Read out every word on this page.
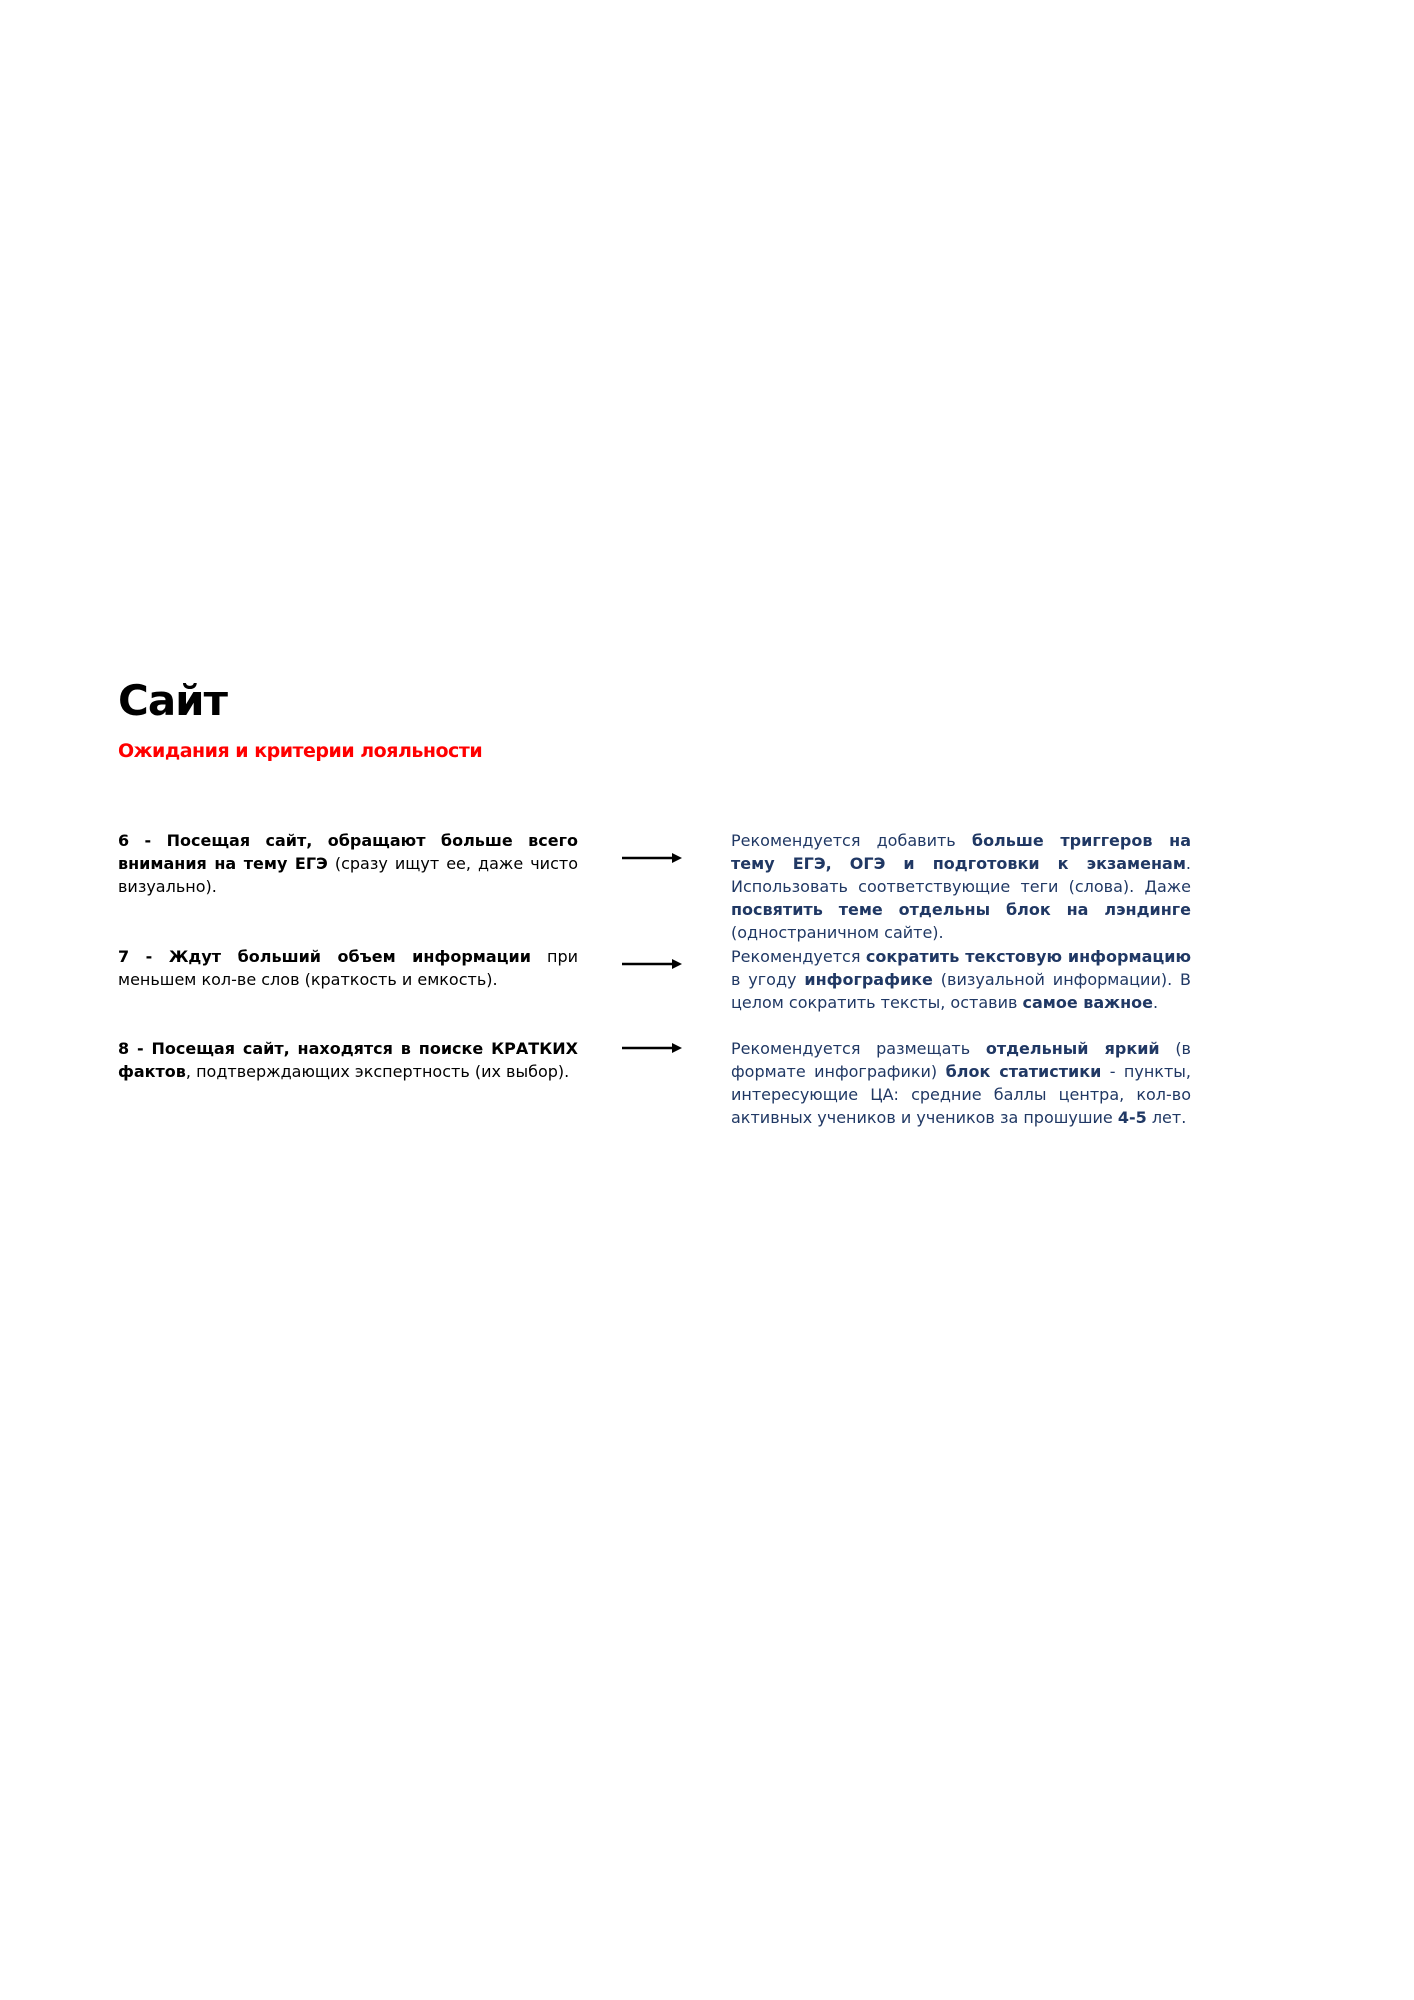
Сайт
Ожидания и критерии лояльности

6 - Посещая сайт, обращают больше всего внимания на тему ЕГЭ (сразу ищут ее, даже чисто визуально).

Рекомендуется добавить больше триггеров на тему ЕГЭ, ОГЭ и подготовки к экзаменам. Использовать соответствующие теги (слова). Даже посвятить теме отдельны блок на лэндинге (одностраничном сайте).

7 - Ждут больший объем информации при меньшем кол-ве слов (краткость и емкость).

Рекомендуется сократить текстовую информацию в угоду инфографике (визуальной информации). В целом сократить тексты, оставив самое важное.

8 - Посещая сайт, находятся в поиске КРАТКИХ фактов, подтверждающих экспертность (их выбор).

Рекомендуется размещать отдельный яркий (в формате инфографики) блок статистики - пункты, интересующие ЦА: средние баллы центра, кол-во активных учеников и учеников за прошушие 4-5 лет.
